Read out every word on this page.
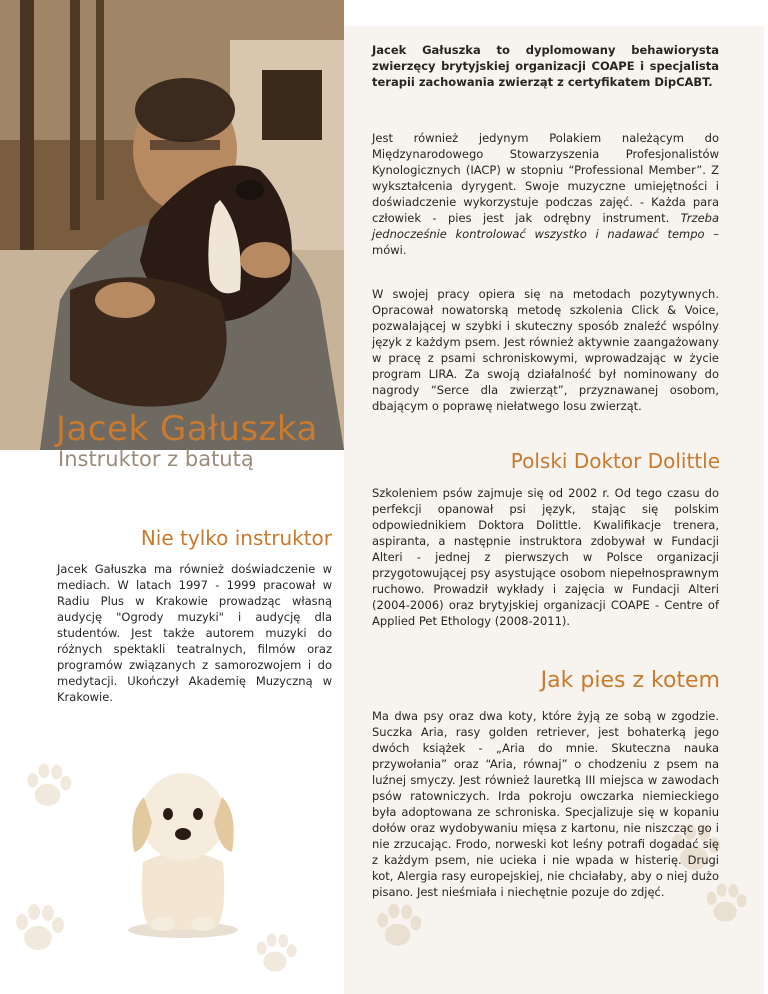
Jacek Gałuszka
Instruktor z batutą
Nie tylko instruktor

Jacek Gałuszka ma również doświadczenie w mediach. W latach 1997 - 1999 pracował w Radiu Plus w Krakowie prowadząc własną audycję "Ogrody muzyki" i audycję dla studentów. Jest także autorem muzyki do różnych spektakli teatralnych, filmów oraz programów związanych z samorozwojem i do medytacji. Ukończył Akademię Muzyczną w Krakowie.

Jacek Gałuszka to dyplomowany behawiorysta zwierzęcy brytyjskiej organizacji COAPE i specjalista terapii zachowania zwierząt z certyfikatem DipCABT.

Jest również jedynym Polakiem należącym do Międzynarodowego Stowarzyszenia Profesjonalistów Kynologicznych (IACP) w stopniu “Professional Member”. Z wykształcenia dyrygent. Swoje muzyczne umiejętności i doświadczenie wykorzystuje podczas zajęć. - Każda para człowiek - pies jest jak odrębny instrument. Trzeba jednocześnie kontrolować wszystko i nadawać tempo – mówi.

W swojej pracy opiera się na metodach pozytywnych. Opracował nowatorską metodę szkolenia Click & Voice, pozwalającej w szybki i skuteczny sposób znaleźć wspólny język z każdym psem. Jest również aktywnie zaangażowany w pracę z psami schroniskowymi, wprowadzając w życie program LIRA. Za swoją działalność był nominowany do nagrody “Serce dla zwierząt”, przyznawanej osobom, dbającym o poprawę niełatwego losu zwierząt.

Polski Doktor Dolittle

Szkoleniem psów zajmuje się od 2002 r. Od tego czasu do perfekcji opanował psi język, stając się polskim odpowiednikiem Doktora Dolittle. Kwalifikacje trenera, aspiranta, a następnie instruktora zdobywał w Fundacji Alteri - jednej z pierwszych w Polsce organizacji przygotowującej psy asystujące osobom niepełnosprawnym ruchowo. Prowadził wykłady i zajęcia w Fundacji Alteri (2004-2006) oraz brytyjskiej organizacji COAPE - Centre of Applied Pet Ethology (2008-2011).

Jak pies z kotem

Ma dwa psy oraz dwa koty, które żyją ze sobą w zgodzie. Suczka Aria, rasy golden retriever, jest bohaterką jego dwóch książek - „Aria do mnie. Skuteczna nauka przywołania” oraz “Aria, równaj” o chodzeniu z psem na luźnej smyczy. Jest również lauretką III miejsca w zawodach psów ratowniczych. Irda pokroju owczarka niemieckiego była adoptowana ze schroniska. Specjalizuje się w kopaniu dołów oraz wydobywaniu mięsa z kartonu, nie niszcząc go i nie zrzucając. Frodo, norweski kot leśny potrafi dogadać się z każdym psem, nie ucieka i nie wpada w histerię. Drugi kot, Alergia rasy europejskiej, nie chciałaby, aby o niej dużo pisano. Jest nieśmiała i niechętnie pozuje do zdjęć.
